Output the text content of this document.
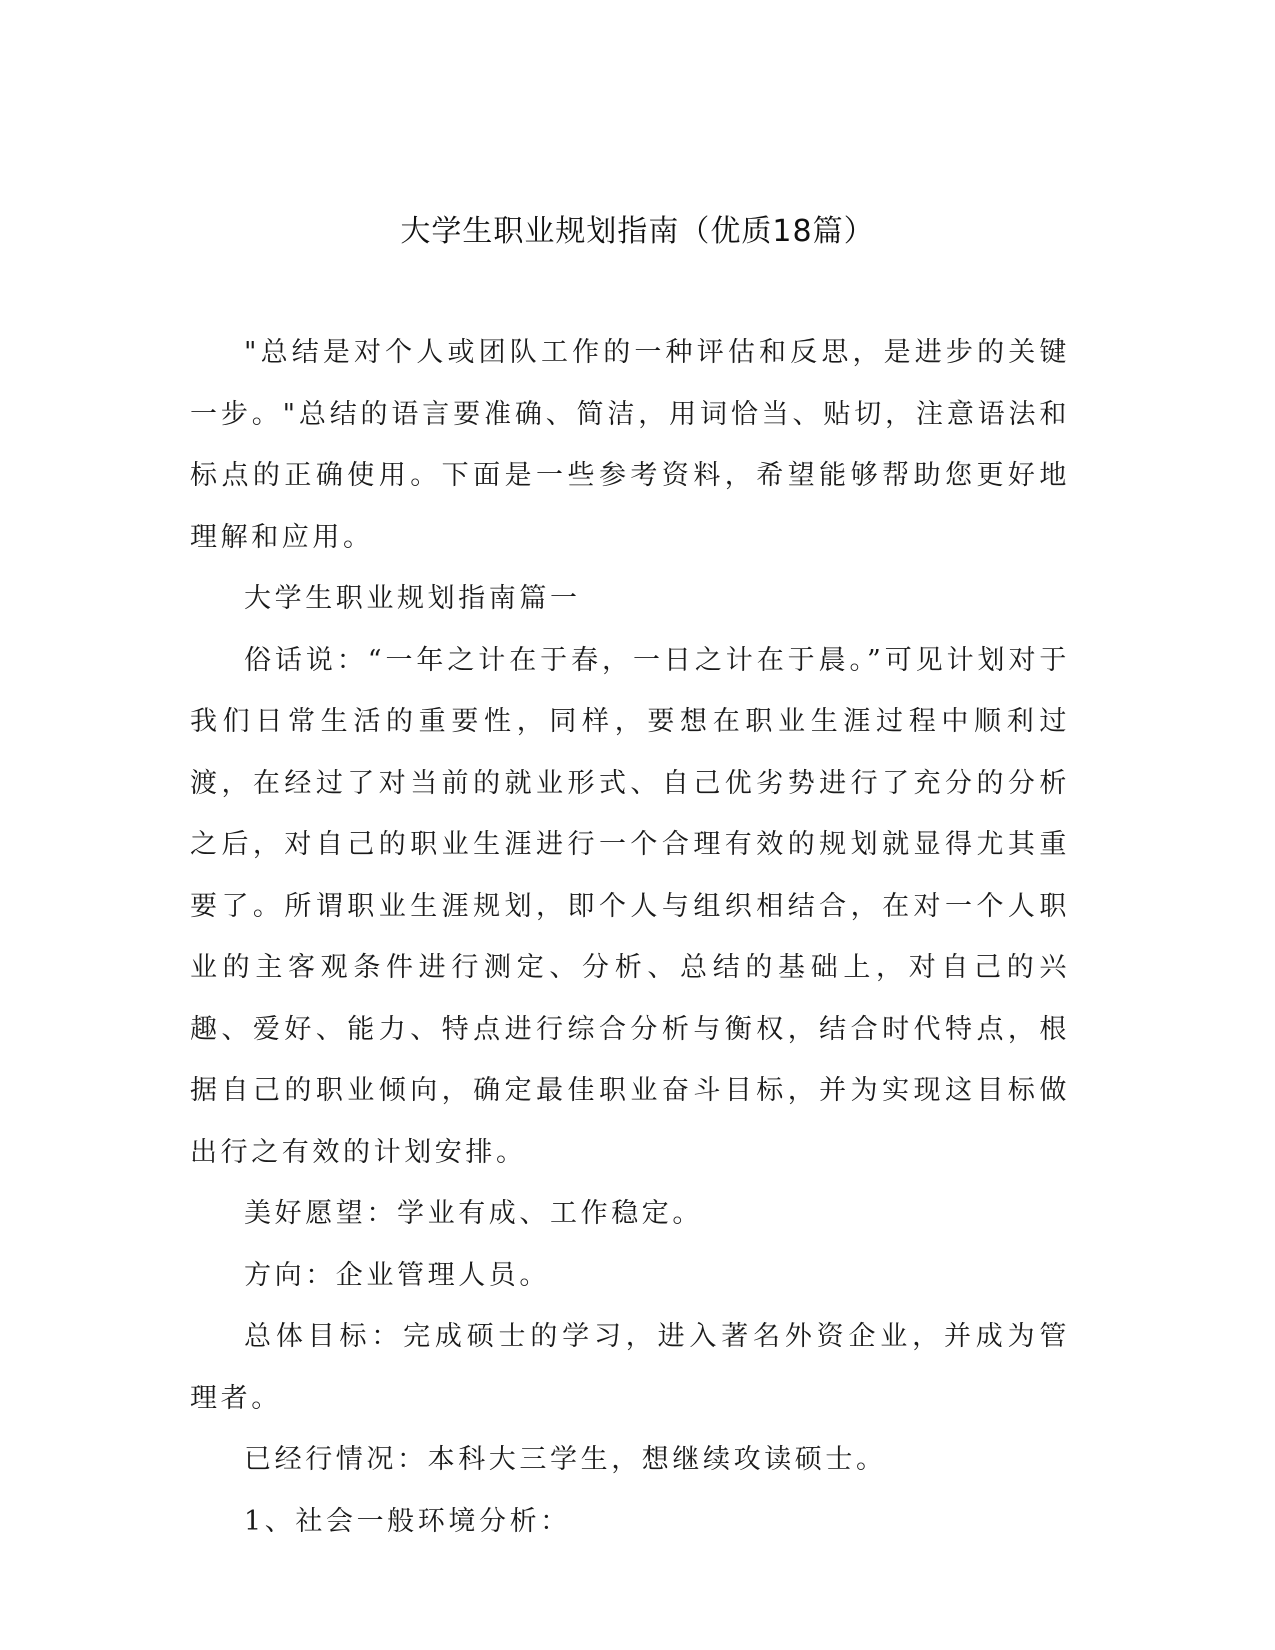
大学生职业规划指南（优质18篇）

"总结是对个人或团队工作的一种评估和反思，是进步的关键一步。"总结的语言要准确、简洁，用词恰当、贴切，注意语法和标点的正确使用。下面是一些参考资料，希望能够帮助您更好地理解和应用。

大学生职业规划指南篇一

俗话说：“一年之计在于春，一日之计在于晨。”可见计划对于我们日常生活的重要性，同样，要想在职业生涯过程中顺利过渡，在经过了对当前的就业形式、自己优劣势进行了充分的分析之后，对自己的职业生涯进行一个合理有效的规划就显得尤其重要了。所谓职业生涯规划，即个人与组织相结合，在对一个人职业的主客观条件进行测定、分析、总结的基础上，对自己的兴趣、爱好、能力、特点进行综合分析与衡权，结合时代特点，根据自己的职业倾向，确定最佳职业奋斗目标，并为实现这目标做出行之有效的计划安排。

美好愿望：学业有成、工作稳定。

方向：企业管理人员。

总体目标：完成硕士的学习，进入著名外资企业，并成为管理者。

已经行情况：本科大三学生，想继续攻读硕士。

1、社会一般环境分析：
